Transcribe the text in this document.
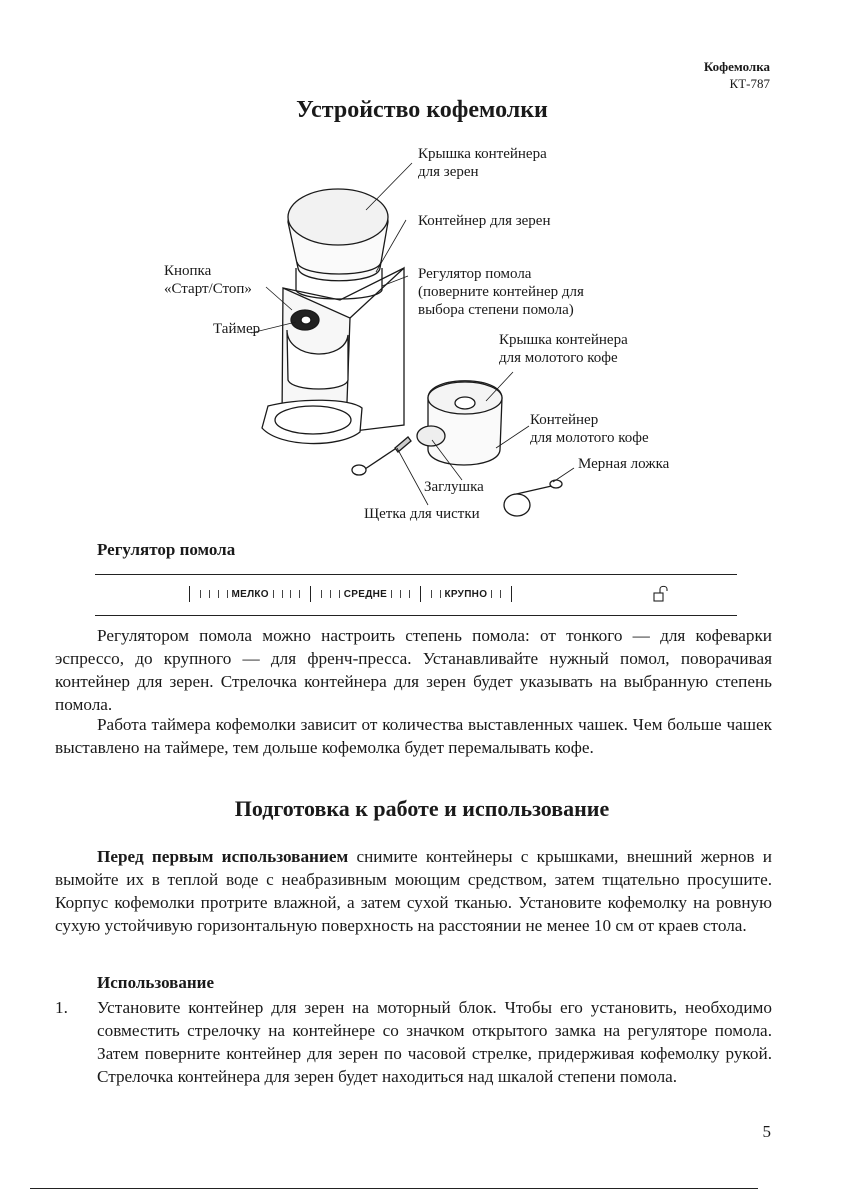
Кофемолка
КТ-787
Устройство кофемолки
Крышка контейнера
для зерен
Контейнер для зерен
Кнопка
«Старт/Стоп»
Таймер
Регулятор помола
(поверните контейнер для
выбора степени помола)
Крышка контейнера
для молотого кофе
Контейнер
для молотого кофе
Мерная ложка
Заглушка
Щетка для чистки
Регулятор помола
МЕЛКО	СРЕДНЕ	КРУПНО
Регулятором помола можно настроить степень помола: от тонкого — для кофеварки эспрессо, до крупного — для френч-пресса. Устанавливайте нужный помол, поворачивая контейнер для зерен. Стрелочка контейнера для зерен будет указывать на выбранную степень помола.
Работа таймера кофемолки зависит от количества выставленных чашек. Чем больше чашек выставлено на таймере, тем дольше кофемолка будет перемалывать кофе.
Подготовка к работе и использование
Перед первым использованием снимите контейнеры с крышками, внешний жернов и вымойте их в теплой воде с неабразивным моющим средством, затем тщательно просушите. Корпус кофемолки протрите влажной, а затем сухой тканью. Установите кофемолку на ровную сухую устойчивую горизонтальную поверхность на расстоянии не менее 10 см от краев стола.
Использование
1. Установите контейнер для зерен на моторный блок. Чтобы его установить, необходимо совместить стрелочку на контейнере со значком открытого замка на регуляторе помола. Затем поверните контейнер для зерен по часовой стрелке, придерживая кофемолку рукой. Стрелочка контейнера для зерен будет находиться над шкалой степени помола.
5
